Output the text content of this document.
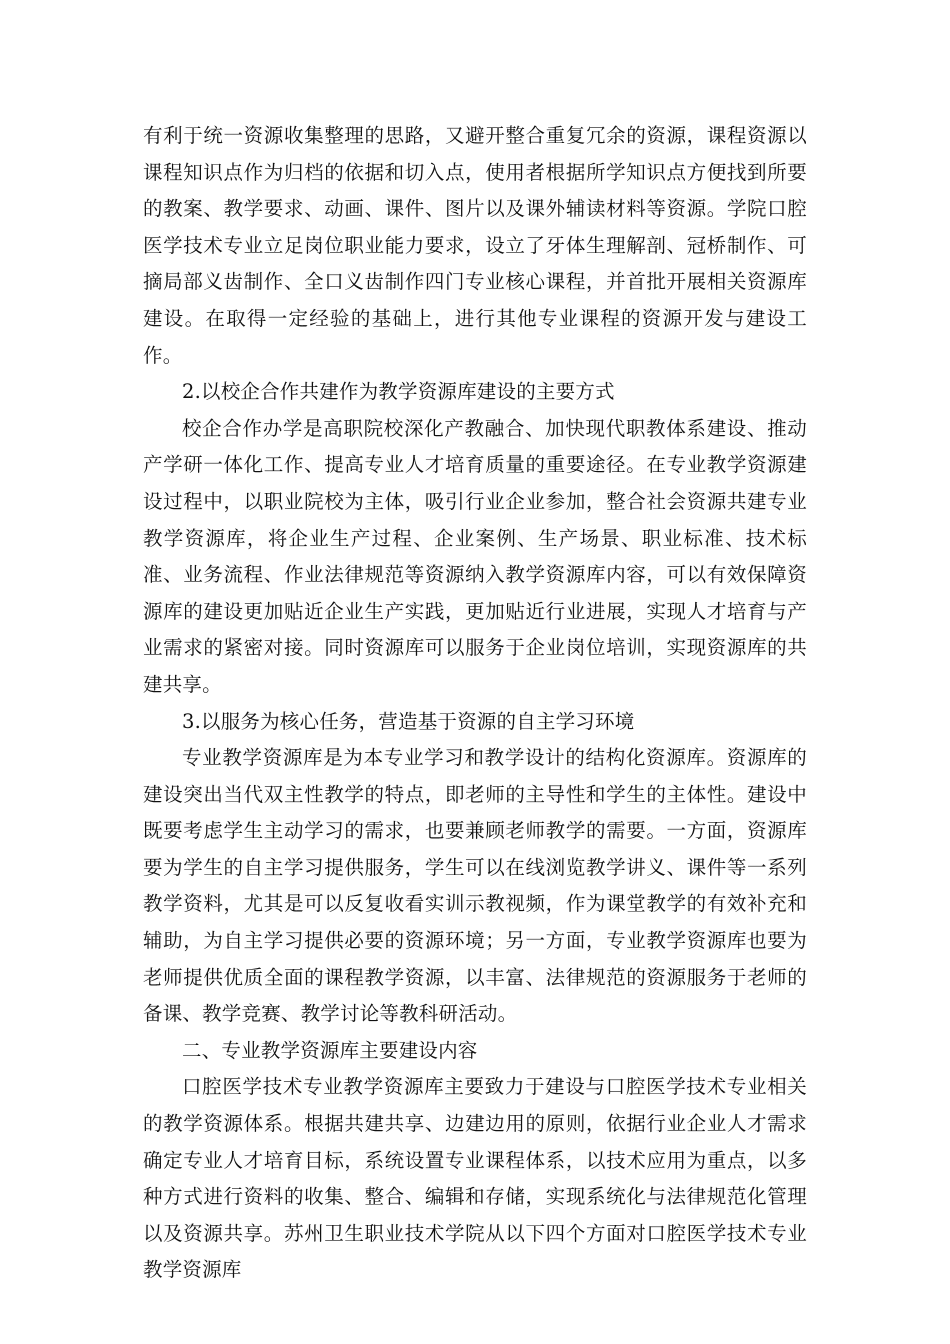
有利于统一资源收集整理的思路，又避开整合重复冗余的资源，课程资源以课程知识点作为归档的依据和切入点，使用者根据所学知识点方便找到所要的教案、教学要求、动画、课件、图片以及课外辅读材料等资源。学院口腔医学技术专业立足岗位职业能力要求，设立了牙体生理解剖、冠桥制作、可摘局部义齿制作、全口义齿制作四门专业核心课程，并首批开展相关资源库建设。在取得一定经验的基础上，进行其他专业课程的资源开发与建设工作。

2.以校企合作共建作为教学资源库建设的主要方式

校企合作办学是高职院校深化产教融合、加快现代职教体系建设、推动产学研一体化工作、提高专业人才培育质量的重要途径。在专业教学资源建设过程中，以职业院校为主体，吸引行业企业参加，整合社会资源共建专业教学资源库，将企业生产过程、企业案例、生产场景、职业标准、技术标准、业务流程、作业法律规范等资源纳入教学资源库内容，可以有效保障资源库的建设更加贴近企业生产实践，更加贴近行业进展，实现人才培育与产业需求的紧密对接。同时资源库可以服务于企业岗位培训，实现资源库的共建共享。

3.以服务为核心任务，营造基于资源的自主学习环境

专业教学资源库是为本专业学习和教学设计的结构化资源库。资源库的建设突出当代双主性教学的特点，即老师的主导性和学生的主体性。建设中既要考虑学生主动学习的需求，也要兼顾老师教学的需要。一方面，资源库要为学生的自主学习提供服务，学生可以在线浏览教学讲义、课件等一系列教学资料，尤其是可以反复收看实训示教视频，作为课堂教学的有效补充和辅助，为自主学习提供必要的资源环境；另一方面，专业教学资源库也要为老师提供优质全面的课程教学资源，以丰富、法律规范的资源服务于老师的备课、教学竞赛、教学讨论等教科研活动。

二、专业教学资源库主要建设内容

口腔医学技术专业教学资源库主要致力于建设与口腔医学技术专业相关的教学资源体系。根据共建共享、边建边用的原则，依据行业企业人才需求确定专业人才培育目标，系统设置专业课程体系，以技术应用为重点，以多种方式进行资料的收集、整合、编辑和存储，实现系统化与法律规范化管理以及资源共享。苏州卫生职业技术学院从以下四个方面对口腔医学技术专业教学资源库
